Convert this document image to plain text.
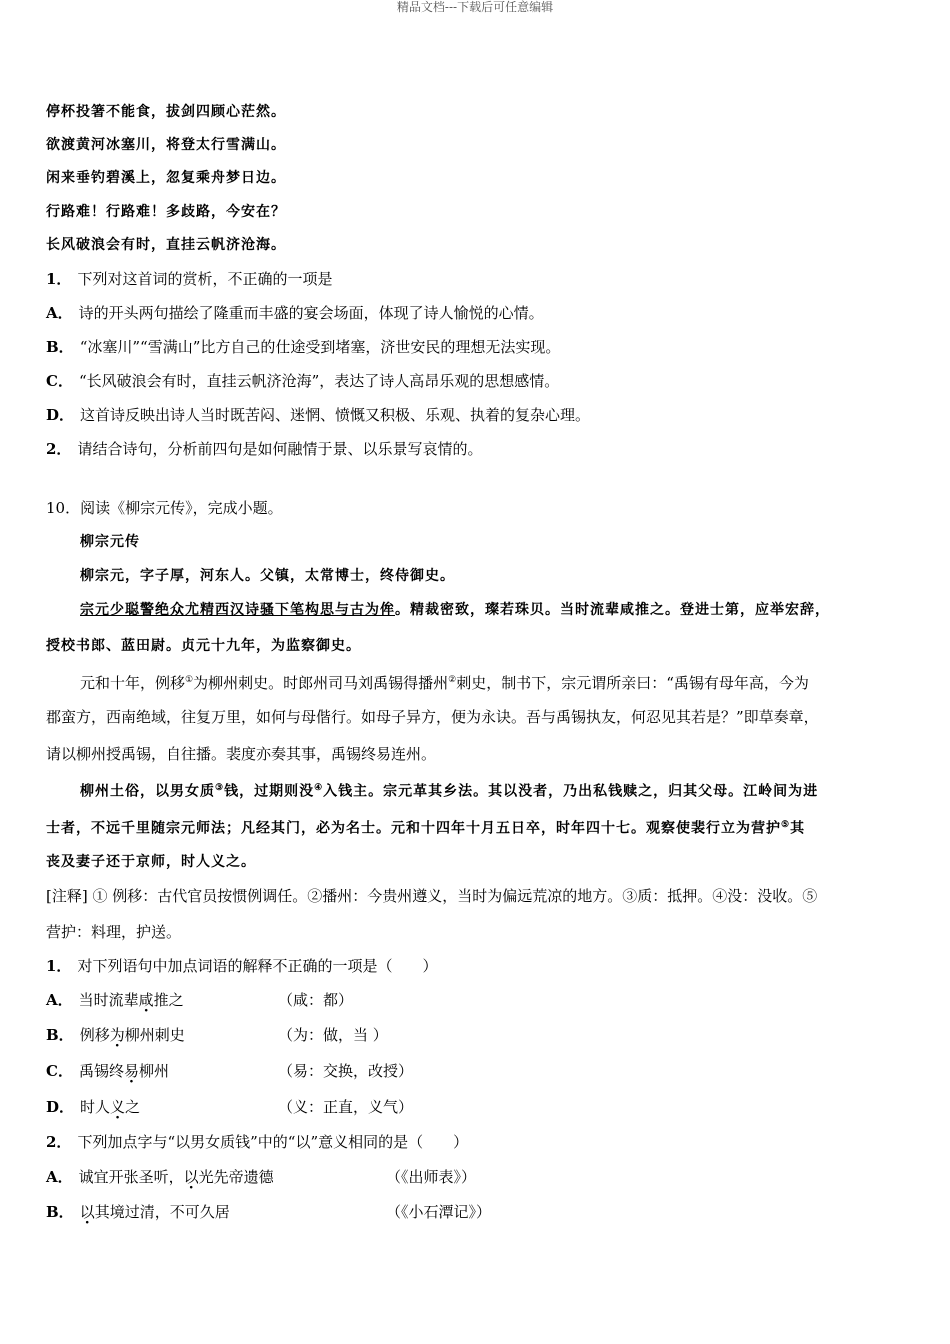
精品文档---下载后可任意编辑
停杯投箸不能食，拔剑四顾心茫然。
欲渡黄河冰塞川，将登太行雪满山。
闲来垂钓碧溪上，忽复乘舟梦日边。
行路难！行路难！多歧路，今安在？
长风破浪会有时，直挂云帆济沧海。
1． 下列对这首词的赏析，不正确的一项是
A． 诗的开头两句描绘了隆重而丰盛的宴会场面，体现了诗人愉悦的心情。
B． “冰塞川”“雪满山”比方自己的仕途受到堵塞，济世安民的理想无法实现。
C． “长风破浪会有时，直挂云帆济沧海”，表达了诗人高昂乐观的思想感情。
D． 这首诗反映出诗人当时既苦闷、迷惘、愤慨又积极、乐观、执着的复杂心理。
2． 请结合诗句，分析前四句是如何融情于景、以乐景写哀情的。
10．阅读《柳宗元传》，完成小题。
柳宗元传
柳宗元，字子厚，河东人。父镇，太常博士，终侍御史。
宗元少聪警绝众尤精西汉诗骚下笔构思与古为侔。精裁密致，璨若珠贝。当时流辈咸推之。登进士第，应举宏辞，
授校书郎、蓝田尉。贞元十九年，为监察御史。
元和十年，例移①为柳州刺史。时郎州司马刘禹锡得播州②刺史，制书下，宗元谓所亲曰：“禹锡有母年高，今为
郡蛮方，西南绝域，往复万里，如何与母偕行。如母子异方，便为永诀。吾与禹锡执友，何忍见其若是？”即草奏章，
请以柳州授禹锡，自往播。裴度亦奏其事，禹锡终易连州。
柳州土俗，以男女质③钱，过期则没④入钱主。宗元革其乡法。其以没者，乃出私钱赎之，归其父母。江岭间为进
士者，不远千里随宗元师法；凡经其门，必为名士。元和十四年十月五日卒，时年四十七。观察使裴行立为营护⑤其
丧及妻子还于京师，时人义之。
[注释] ① 例移：古代官员按惯例调任。②播州：今贵州遵义，当时为偏远荒凉的地方。③质：抵押。④没：没收。⑤
营护：料理，护送。
1． 对下列语句中加点词语的解释不正确的一项是（　　）
A． 当时流辈咸推之	（咸：都）
B． 例移为柳州刺史	（为：做，当 ）
C． 禹锡终易柳州	（易：交换，改授）
D． 时人义之	（义：正直，义气）
2． 下列加点字与“以男女质钱”中的“以”意义相同的是（　　）
A． 诚宜开张圣听，以光先帝遗德	（《出师表》）
B． 以其境过清，不可久居	（《小石潭记》）
